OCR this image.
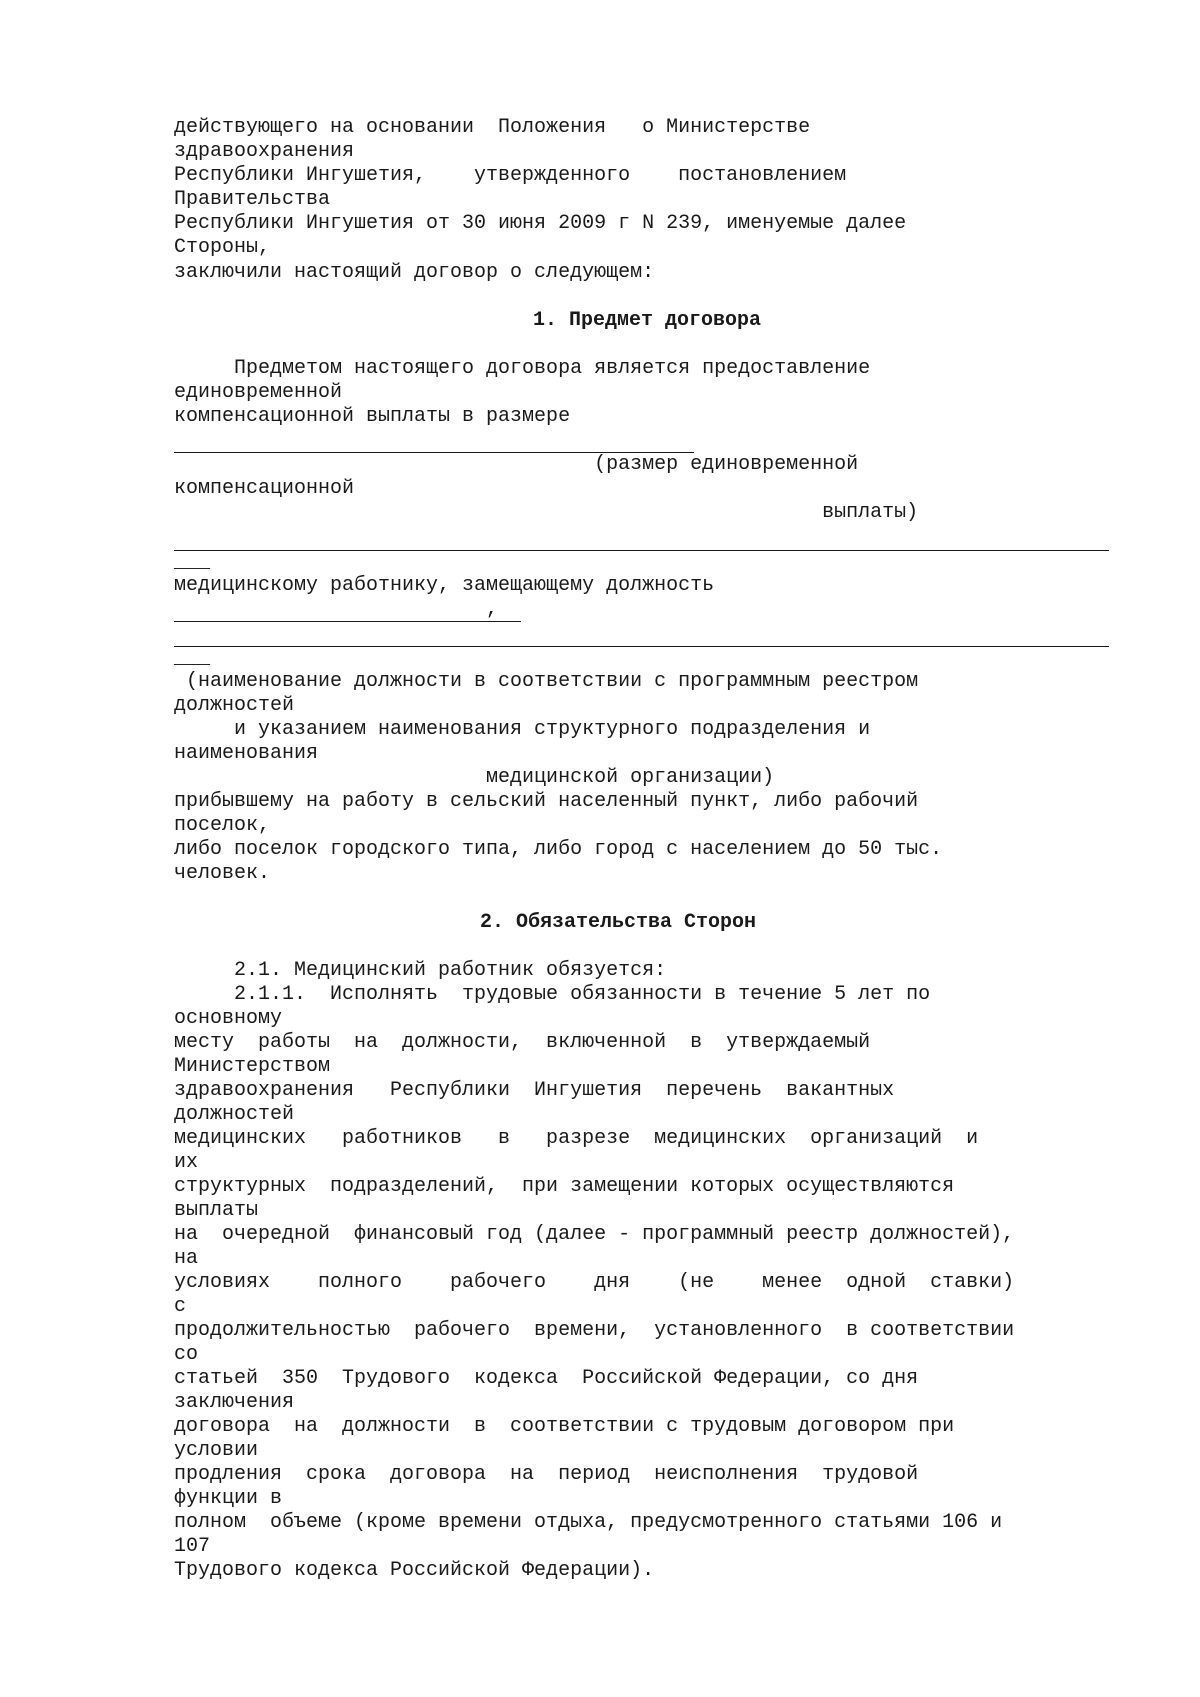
действующего на основании  Положения   о Министерстве

здравоохранения

Республики Ингушетия,    утвержденного    постановлением

Правительства

Республики Ингушетия от 30 июня 2009 г N 239, именуемые далее

Стороны,

заключили настоящий договор о следующем:

1. Предмет договора

Предметом настоящего договора является предоставление

единовременной

компенсационной выплаты в размере

(размер единовременной

компенсационной

выплаты)

___

медицинскому работнику, замещающему должность

,

___

(наименование должности в соответствии с программным реестром

должностей

и указанием наименования структурного подразделения и

наименования

медицинской организации)

прибывшему на работу в сельский населенный пункт, либо рабочий

поселок,

либо поселок городского типа, либо город с населением до 50 тыс.

человек.

2. Обязательства Сторон

2.1. Медицинский работник обязуется:

2.1.1.  Исполнять  трудовые обязанности в течение 5 лет по

основному

месту  работы  на  должности,  включенной  в  утверждаемый

Министерством

здравоохранения   Республики  Ингушетия  перечень  вакантных

должностей

медицинских   работников   в   разрезе  медицинских  организаций  и

их

структурных  подразделений,  при замещении которых осуществляются

выплаты

на  очередной  финансовый год (далее - программный реестр должностей),

на

условиях    полного    рабочего    дня    (не    менее  одной  ставки)

с

продолжительностью  рабочего  времени,  установленного  в соответствии

со

статьей  350  Трудового  кодекса  Российской Федерации, со дня

заключения

договора  на  должности  в  соответствии с трудовым договором при

условии

продления  срока  договора  на  период  неисполнения  трудовой

функции в

полном  объеме (кроме времени отдыха, предусмотренного статьями 106 и

107

Трудового кодекса Российской Федерации).
